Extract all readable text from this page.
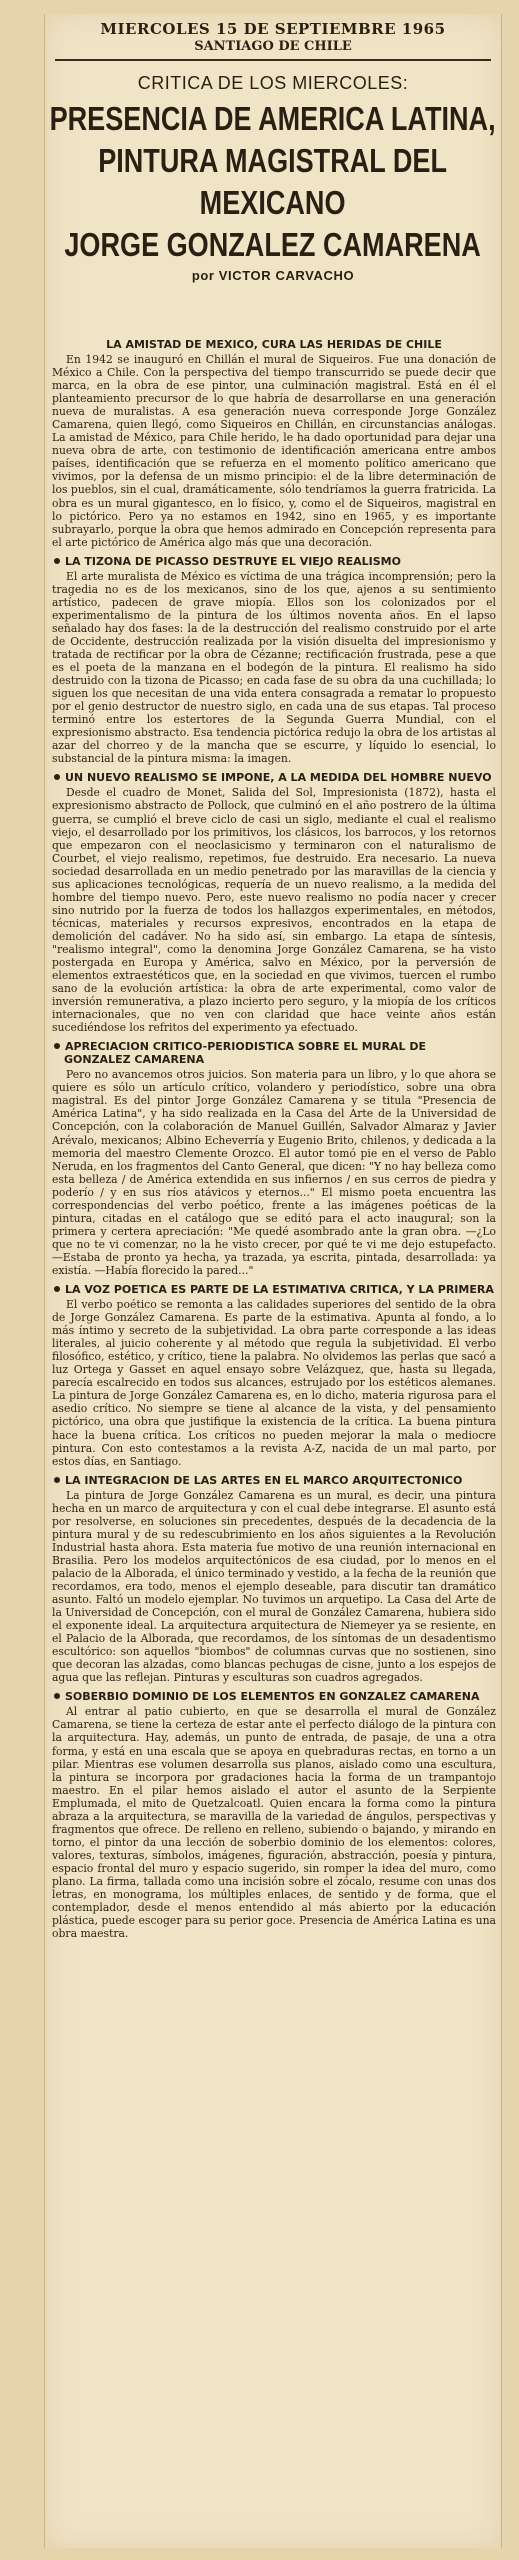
MIERCOLES 15 DE SEPTIEMBRE 1965
SANTIAGO DE CHILE
CRITICA DE LOS MIERCOLES:
PRESENCIA DE AMERICA LATINA,
PINTURA MAGISTRAL DEL MEXICANO
JORGE GONZALEZ CAMARENA
por VICTOR CARVACHO
LA AMISTAD DE MEXICO, CURA LAS HERIDAS DE CHILE

En 1942 se inauguró en Chillán el mural de Siqueiros. Fue una donación de México a Chile. Con la perspectiva del tiempo transcurrido se puede decir que marca, en la obra de ese pintor, una culminación magistral. Está en él el planteamiento precursor de lo que habría de desarrollarse en una generación nueva de muralistas. A esa generación nueva corresponde Jorge González Camarena, quien llegó, como Siqueiros en Chillán, en circunstancias análogas. La amistad de México, para Chile herido, le ha dado oportunidad para dejar una nueva obra de arte, con testimonio de identificación americana entre ambos países, identificación que se refuerza en el momento político americano que vivimos, por la defensa de un mismo principio: el de la libre determinación de los pueblos, sin el cual, dramáticamente, sólo tendríamos la guerra fratricida. La obra es un mural gigantesco, en lo físico, y, como el de Siqueiros, magistral en lo pictórico. Pero ya no estamos en 1942, sino en 1965, y es importante subrayarlo, porque la obra que hemos admirado en Concepción representa para el arte pictórico de América algo más que una decoración.

LA TIZONA DE PICASSO DESTRUYE EL VIEJO REALISMO

El arte muralista de México es víctima de una trágica incomprensión; pero la tragedia no es de los mexicanos, sino de los que, ajenos a su sentimiento artístico, padecen de grave miopía. Ellos son los colonizados por el experimentalismo de la pintura de los últimos noventa años. En el lapso señalado hay dos fases: la de la destrucción del realismo construido por el arte de Occidente, destrucción realizada por la visión disuelta del impresionismo y tratada de rectificar por la obra de Cézanne; rectificación frustrada, pese a que es el poeta de la manzana en el bodegón de la pintura. El realismo ha sido destruido con la tizona de Picasso; en cada fase de su obra da una cuchillada; lo siguen los que necesitan de una vida entera consagrada a rematar lo propuesto por el genio destructor de nuestro siglo, en cada una de sus etapas. Tal proceso terminó entre los estertores de la Segunda Guerra Mundial, con el expresionismo abstracto. Esa tendencia pictórica redujo la obra de los artistas al azar del chorreo y de la mancha que se escurre, y líquido lo esencial, lo substancial de la pintura misma: la imagen.

UN NUEVO REALISMO SE IMPONE, A LA MEDIDA DEL HOMBRE NUEVO

Desde el cuadro de Monet, Salida del Sol, Impresionista (1872), hasta el expresionismo abstracto de Pollock, que culminó en el año postrero de la última guerra, se cumplió el breve ciclo de casi un siglo, mediante el cual el realismo viejo, el desarrollado por los primitivos, los clásicos, los barrocos, y los retornos que empezaron con el neoclasicismo y terminaron con el naturalismo de Courbet, el viejo realismo, repetimos, fue destruido. Era necesario. La nueva sociedad desarrollada en un medio penetrado por las maravillas de la ciencia y sus aplicaciones tecnológicas, requería de un nuevo realismo, a la medida del hombre del tiempo nuevo. Pero, este nuevo realismo no podía nacer y crecer sino nutrido por la fuerza de todos los hallazgos experimentales, en métodos, técnicas, materiales y recursos expresivos, encontrados en la etapa de demolición del cadáver. No ha sido así, sin embargo. La etapa de síntesis, "realismo integral", como la denomina Jorge González Camarena, se ha visto postergada en Europa y América, salvo en México, por la perversión de elementos extraestéticos que, en la sociedad en que vivimos, tuercen el rumbo sano de la evolución artística: la obra de arte experimental, como valor de inversión remunerativa, a plazo incierto pero seguro, y la miopía de los críticos internacionales, que no ven con claridad que hace veinte años están sucediéndose los refritos del experimento ya efectuado.

APRECIACION CRITICO-PERIODISTICA SOBRE EL MURAL DE GONZALEZ CAMARENA

Pero no avancemos otros juicios. Son materia para un libro, y lo que ahora se quiere es sólo un artículo crítico, volandero y periodístico, sobre una obra magistral. Es del pintor Jorge González Camarena y se titula "Presencia de América Latina", y ha sido realizada en la Casa del Arte de la Universidad de Concepción, con la colaboración de Manuel Guillén, Salvador Almaraz y Javier Arévalo, mexicanos; Albino Echeverría y Eugenio Brito, chilenos, y dedicada a la memoria del maestro Clemente Orozco. El autor tomó pie en el verso de Pablo Neruda, en los fragmentos del Canto General, que dicen: "Y no hay belleza como esta belleza / de América extendida en sus infiernos / en sus cerros de piedra y poderío / y en sus ríos atávicos y eternos..." El mismo poeta encuentra las correspondencias del verbo poético, frente a las imágenes poéticas de la pintura, citadas en el catálogo que se editó para el acto inaugural; son la primera y certera apreciación: "Me quedé asombrado ante la gran obra. —¿Lo que no te vi comenzar, no la he visto crecer, por qué te vi me dejo estupefacto. —Estaba de pronto ya hecha, ya trazada, ya escrita, pintada, desarrollada: ya existía. —Había florecido la pared..."

LA VOZ POETICA ES PARTE DE LA ESTIMATIVA CRITICA, Y LA PRIMERA

El verbo poético se remonta a las calidades superiores del sentido de la obra de Jorge González Camarena. Es parte de la estimativa. Apunta al fondo, a lo más íntimo y secreto de la subjetividad. La obra parte corresponde a las ideas literales, al juicio coherente y al método que regula la subjetividad. El verbo filosófico, estético, y crítico, tiene la palabra. No olvidemos las perlas que sacó a luz Ortega y Gasset en aquel ensayo sobre Velázquez, que, hasta su llegada, parecía escalrecido en todos sus alcances, estrujado por los estéticos alemanes. La pintura de Jorge González Camarena es, en lo dicho, materia rigurosa para el asedio crítico. No siempre se tiene al alcance de la vista, y del pensamiento pictórico, una obra que justifique la existencia de la crítica. La buena pintura hace la buena crítica. Los críticos no pueden mejorar la mala o mediocre pintura. Con esto contestamos a la revista A-Z, nacida de un mal parto, por estos días, en Santiago.

LA INTEGRACION DE LAS ARTES EN EL MARCO ARQUITECTONICO

La pintura de Jorge González Camarena es un mural, es decir, una pintura hecha en un marco de arquitectura y con el cual debe integrarse. El asunto está por resolverse, en soluciones sin precedentes, después de la decadencia de la pintura mural y de su redescubrimiento en los años siguientes a la Revolución Industrial hasta ahora. Esta materia fue motivo de una reunión internacional en Brasilia. Pero los modelos arquitectónicos de esa ciudad, por lo menos en el palacio de la Alborada, el único terminado y vestido, a la fecha de la reunión que recordamos, era todo, menos el ejemplo deseable, para discutir tan dramático asunto. Faltó un modelo ejemplar. No tuvimos un arquetipo. La Casa del Arte de la Universidad de Concepción, con el mural de González Camarena, hubiera sido el exponente ideal. La arquitectura arquitectura de Niemeyer ya se resiente, en el Palacio de la Alborada, que recordamos, de los síntomas de un desadentismo escultórico: son aquellos "biombos" de columnas curvas que no sostienen, sino que decoran las alzadas, como blancas pechugas de cisne, junto a los espejos de agua que las reflejan. Pinturas y esculturas son cuadros agregados.

SOBERBIO DOMINIO DE LOS ELEMENTOS EN GONZALEZ CAMARENA

Al entrar al patio cubierto, en que se desarrolla el mural de González Camarena, se tiene la certeza de estar ante el perfecto diálogo de la pintura con la arquitectura. Hay, además, un punto de entrada, de pasaje, de una a otra forma, y está en una escala que se apoya en quebraduras rectas, en torno a un pilar. Mientras ese volumen desarrolla sus planos, aislado como una escultura, la pintura se incorpora por gradaciones hacia la forma de un trampantojo maestro. En el pilar hemos aislado el autor el asunto de la Serpiente Emplumada, el mito de Quetzalcoatl. Quien encara la forma como la pintura abraza a la arquitectura, se maravilla de la variedad de ángulos, perspectivas y fragmentos que ofrece. De relleno en relleno, subiendo o bajando, y mirando en torno, el pintor da una lección de soberbio dominio de los elementos: colores, valores, texturas, símbolos, imágenes, figuración, abstracción, poesía y pintura, espacio frontal del muro y espacio sugerido, sin romper la idea del muro, como plano. La firma, tallada como una incisión sobre el zócalo, resume con unas dos letras, en monograma, los múltiples enlaces, de sentido y de forma, que el contemplador, desde el menos entendido al más abierto por la educación plástica, puede escoger para su perior goce. Presencia de América Latina es una obra maestra.
